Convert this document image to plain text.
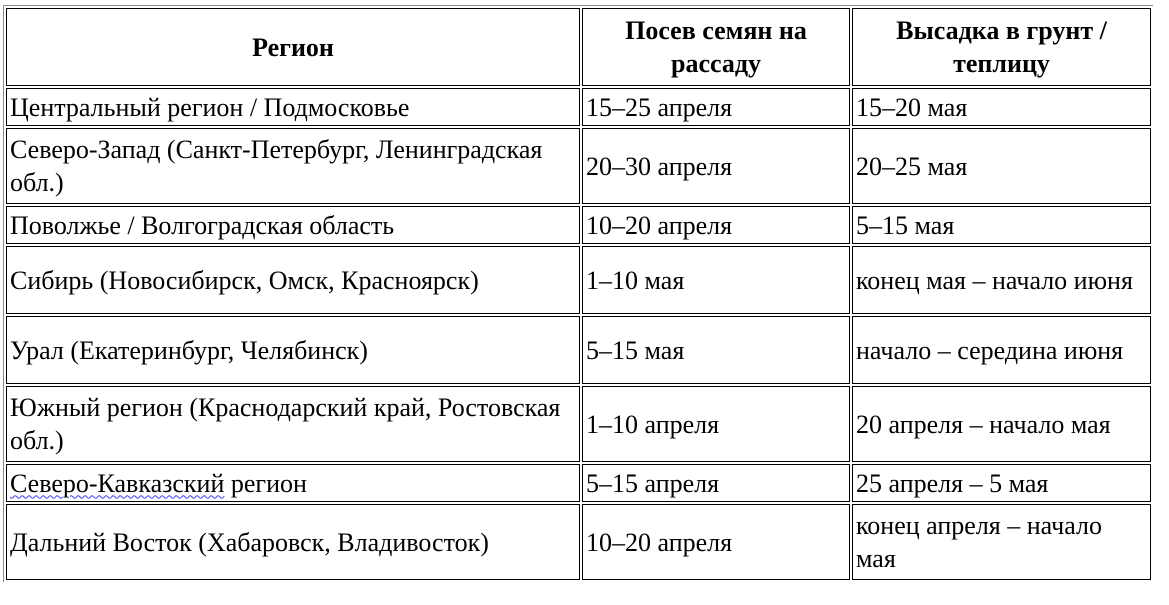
Регион	Посев семян на рассаду	Высадка в грунт / теплицу
Центральный регион / Подмосковье	15–25 апреля	15–20 мая
Северо-Запад (Санкт-Петербург, Ленинградская обл.)	20–30 апреля	20–25 мая
Поволжье / Волгоградская область	10–20 апреля	5–15 мая
Сибирь (Новосибирск, Омск, Красноярск)	1–10 мая	конец мая – начало июня
Урал (Екатеринбург, Челябинск)	5–15 мая	начало – середина июня
Южный регион (Краснодарский край, Ростовская обл.)	1–10 апреля	20 апреля – начало мая
Северо-Кавказский регион	5–15 апреля	25 апреля – 5 мая
Дальний Восток (Хабаровск, Владивосток)	10–20 апреля	конец апреля – начало мая
